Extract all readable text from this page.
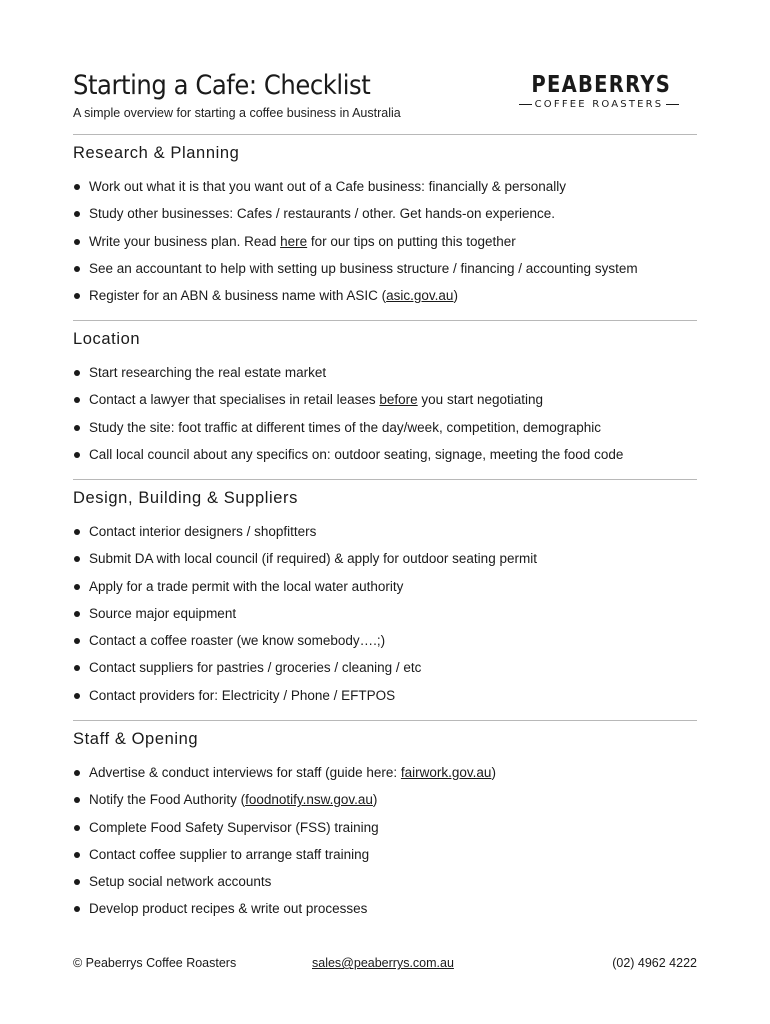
Starting a Cafe: Checklist
A simple overview for starting a coffee business in Australia
PEABERRYS
COFFEE ROASTERS
Research & Planning
Work out what it is that you want out of a Cafe business: financially & personally
Study other businesses: Cafes / restaurants / other. Get hands-on experience.
Write your business plan. Read here for our tips on putting this together
See an accountant to help with setting up business structure / financing / accounting system
Register for an ABN & business name with ASIC (asic.gov.au)
Location
Start researching the real estate market
Contact a lawyer that specialises in retail leases before you start negotiating
Study the site: foot traffic at different times of the day/week, competition, demographic
Call local council about any specifics on: outdoor seating, signage, meeting the food code
Design, Building & Suppliers
Contact interior designers / shopfitters
Submit DA with local council (if required) & apply for outdoor seating permit
Apply for a trade permit with the local water authority
Source major equipment
Contact a coffee roaster (we know somebody….;)
Contact suppliers for pastries / groceries / cleaning / etc
Contact providers for: Electricity / Phone / EFTPOS
Staff & Opening
Advertise & conduct interviews for staff (guide here: fairwork.gov.au)
Notify the Food Authority (foodnotify.nsw.gov.au)
Complete Food Safety Supervisor (FSS) training
Contact coffee supplier to arrange staff training
Setup social network accounts
Develop product recipes & write out processes
© Peaberrys Coffee Roasters	sales@peaberrys.com.au	(02) 4962 4222
